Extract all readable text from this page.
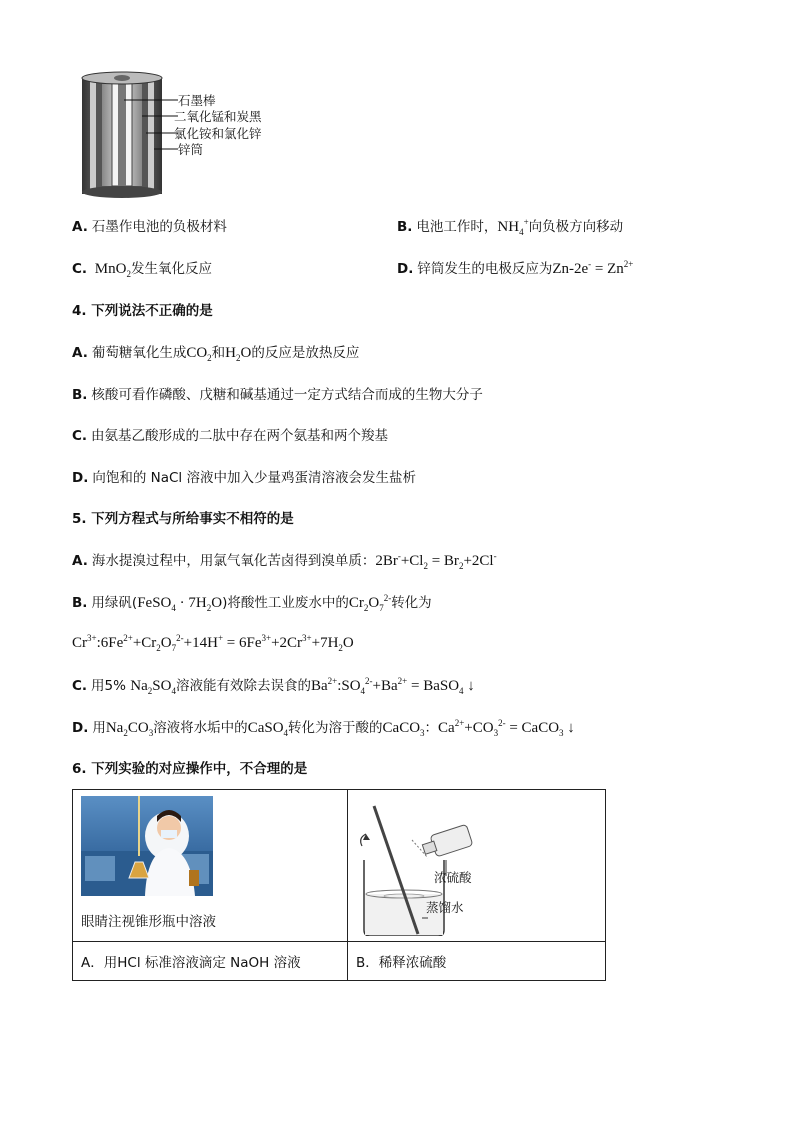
石墨棒
二氧化锰和炭黑
氯化铵和氯化锌
锌筒
A. 石墨作电池的负极材料	B. 电池工作时，$NH_4^+$向负极方向移动
C. MnO$_2$发生氧化反应	D. 锌筒发生的电极反应为$Zn-2e^- = Zn^{2+}$
4. 下列说法不正确的是
A. 葡萄糖氧化生成$CO_2$和$H_2O$的反应是放热反应
B. 核酸可看作磷酸、戊糖和碱基通过一定方式结合而成的生物大分子
C. 由氨基乙酸形成的二肽中存在两个氨基和两个羧基
D. 向饱和的 NaCl 溶液中加入少量鸡蛋清溶液会发生盐析
5. 下列方程式与所给事实不相符的是
A. 海水提溴过程中，用氯气氧化苦卤得到溴单质：$2Br^-+Cl_2 = Br_2+2Cl^-$
B. 用绿矾(FeSO$_4$ · $7H_2O$)将酸性工业废水中的$Cr_2O_7^{2-}$转化为
$Cr^{3+}:6Fe^{2+}+Cr_2O_7^{2-}+14H^+ = 6Fe^{3+}+2Cr^{3+}+7H_2O$
C. 用5% $Na_2SO_4$溶液能有效除去误食的$Ba^{2+}:SO_4^{2-}+Ba^{2+}$ = BaSO$_4$ ↓
D. 用$Na_2CO_3$溶液将水垢中的CaSO$_4$转化为溶于酸的CaCO$_3$：$Ca^{2+}+CO_3^{2-}$ = CaCO$_3$ ↓
6. 下列实验的对应操作中，不合理的是
眼睛注视锥形瓶中溶液	浓硫酸
蒸馏水

A．用HCl 标准溶液滴定 NaOH 溶液	B．稀释浓硫酸
